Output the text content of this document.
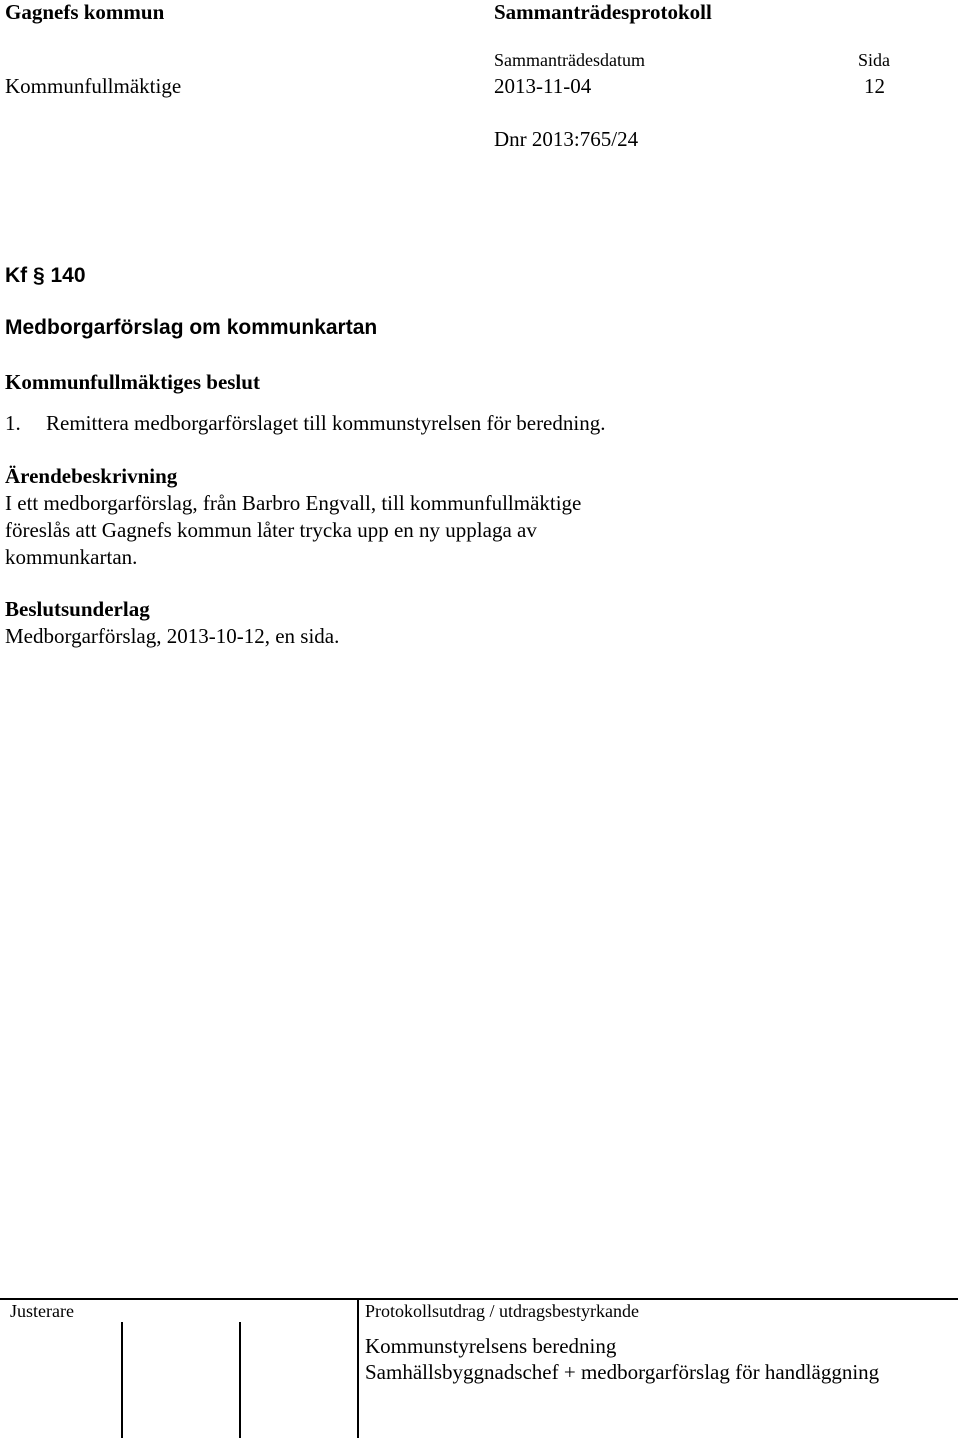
Gagnefs kommun	Sammanträdesprotokoll
Sammanträdesdatum	Sida
Kommunfullmäktige	2013-11-04	12
Dnr 2013:765/24
Kf § 140
Medborgarförslag om kommunkartan
Kommunfullmäktiges beslut
1. Remittera medborgarförslaget till kommunstyrelsen för beredning.
Ärendebeskrivning
I ett medborgarförslag, från Barbro Engvall, till kommunfullmäktige
föreslås att Gagnefs kommun låter trycka upp en ny upplaga av
kommunkartan.
Beslutsunderlag
Medborgarförslag, 2013-10-12, en sida.
Justerare	Protokollsutdrag / utdragsbestyrkande
Kommunstyrelsens beredning
Samhällsbyggnadschef + medborgarförslag för handläggning
